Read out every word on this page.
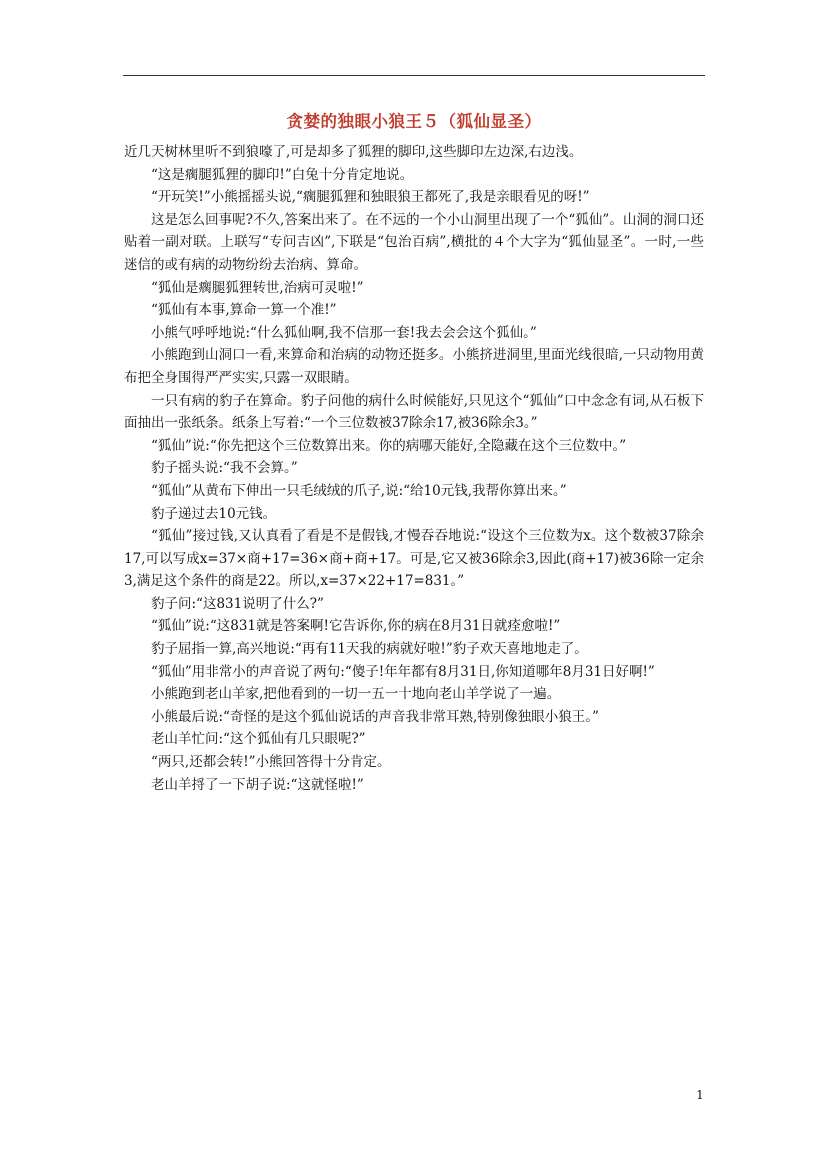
贪婪的独眼小狼王５（狐仙显圣）

近几天树林里听不到狼嚎了,可是却多了狐狸的脚印,这些脚印左边深,右边浅。

“这是瘸腿狐狸的脚印!”白兔十分肯定地说。

“开玩笑!”小熊摇摇头说,“瘸腿狐狸和独眼狼王都死了,我是亲眼看见的呀!”

这是怎么回事呢?不久,答案出来了。在不远的一个小山洞里出现了一个“狐仙”。山洞的洞口还贴着一副对联。上联写“专问吉凶”,下联是“包治百病”,横批的４个大字为“狐仙显圣”。一时,一些迷信的或有病的动物纷纷去治病、算命。

“狐仙是瘸腿狐狸转世,治病可灵啦!”

“狐仙有本事,算命一算一个准!”

小熊气呼呼地说:“什么狐仙啊,我不信那一套!我去会会这个狐仙。”

小熊跑到山洞口一看,来算命和治病的动物还挺多。小熊挤进洞里,里面光线很暗,一只动物用黄布把全身围得严严实实,只露一双眼睛。

一只有病的豹子在算命。豹子问他的病什么时候能好,只见这个“狐仙”口中念念有词,从石板下面抽出一张纸条。纸条上写着:“一个三位数被37除余17,被36除余3。”

“狐仙”说:“你先把这个三位数算出来。你的病哪天能好,全隐藏在这个三位数中。”

豹子摇头说:“我不会算。”

“狐仙”从黄布下伸出一只毛绒绒的爪子,说:“给10元钱,我帮你算出来。”

豹子递过去10元钱。

“狐仙”接过钱,又认真看了看是不是假钱,才慢吞吞地说:“设这个三位数为x。这个数被37除余17,可以写成x=37×商+17=36×商+商+17。可是,它又被36除余3,因此(商+17)被36除一定余3,满足这个条件的商是22。所以,x=37×22+17=831。”

豹子问:“这831说明了什么?”

“狐仙”说:“这831就是答案啊!它告诉你,你的病在8月31日就痊愈啦!”

豹子屈指一算,高兴地说:“再有11天我的病就好啦!”豹子欢天喜地地走了。

“狐仙”用非常小的声音说了两句:“傻子!年年都有8月31日,你知道哪年8月31日好啊!”

小熊跑到老山羊家,把他看到的一切一五一十地向老山羊学说了一遍。

小熊最后说:“奇怪的是这个狐仙说话的声音我非常耳熟,特别像独眼小狼王。”

老山羊忙问:“这个狐仙有几只眼呢?”

“两只,还都会转!”小熊回答得十分肯定。

老山羊捋了一下胡子说:“这就怪啦!”

1
